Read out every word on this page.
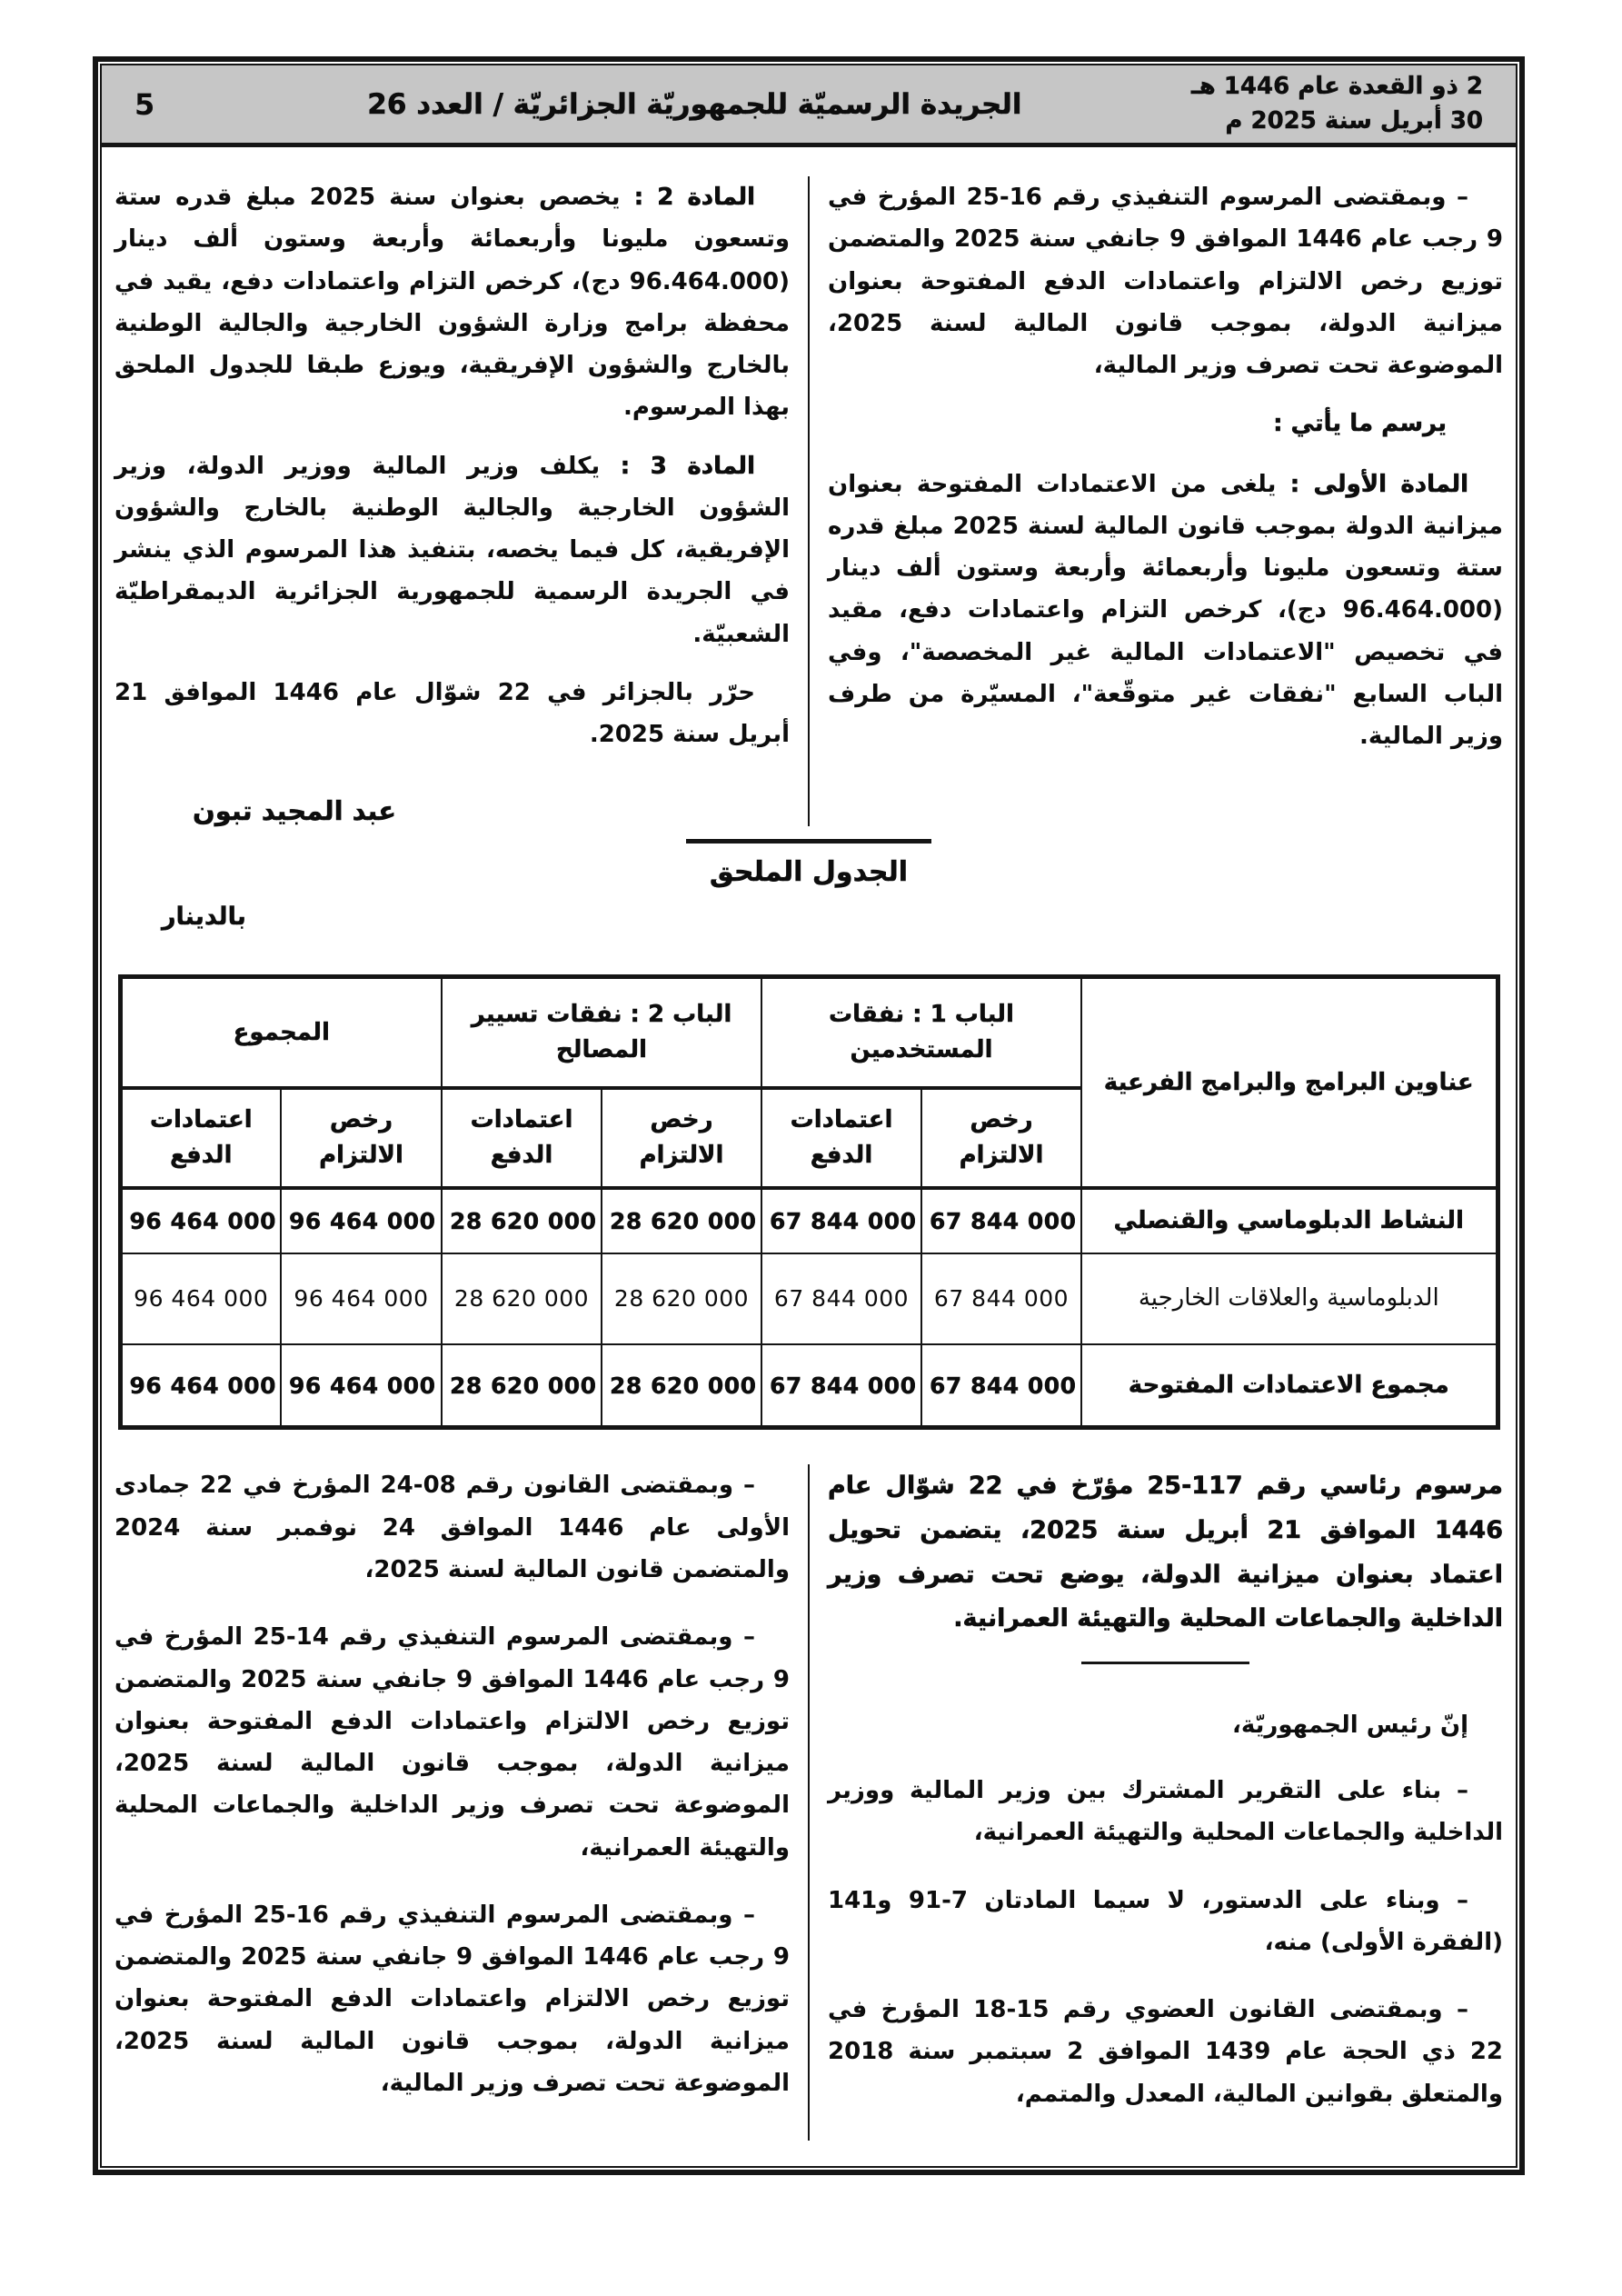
2 ذو القعدة عام 1446 هـ
30 أبريل سنة 2025 م
الجريدة الرسميّة للجمهوريّة الجزائريّة / العدد 26
5

– وبمقتضى المرسوم التنفيذي رقم 16-25 المؤرخ في 9 رجب عام 1446 الموافق 9 جانفي سنة 2025 والمتضمن توزيع رخص الالتزام واعتمادات الدفع المفتوحة بعنوان ميزانية الدولة، بموجب قانون المالية لسنة 2025، الموضوعة تحت تصرف وزير المالية،

يرسم ما يأتي :

المادة الأولى : يلغى من الاعتمادات المفتوحة بعنوان ميزانية الدولة بموجب قانون المالية لسنة 2025 مبلغ قدره ستة وتسعون مليونا وأربعمائة وأربعة وستون ألف دينار (96.464.000 دج)، كرخص التزام واعتمادات دفع، مقيد في تخصيص "الاعتمادات المالية غير المخصصة"، وفي الباب السابع "نفقات غير متوقّعة"، المسيّرة من طرف وزير المالية.

المادة 2 : يخصص بعنوان سنة 2025 مبلغ قدره ستة وتسعون مليونا وأربعمائة وأربعة وستون ألف دينار (96.464.000 دج)، كرخص التزام واعتمادات دفع، يقيد في محفظة برامج وزارة الشؤون الخارجية والجالية الوطنية بالخارج والشؤون الإفريقية، ويوزع طبقا للجدول الملحق بهذا المرسوم.

المادة 3 : يكلف وزير المالية ووزير الدولة، وزير الشؤون الخارجية والجالية الوطنية بالخارج والشؤون الإفريقية، كل فيما يخصه، بتنفيذ هذا المرسوم الذي ينشر في الجريدة الرسمية للجمهورية الجزائرية الديمقراطيّة الشعبيّة.

حرّر بالجزائر في 22 شوّال عام 1446 الموافق 21 أبريل سنة 2025.

عبد المجيد تبون
الجدول الملحق
بالدينار
عناوين البرامج والبرامج الفرعية	الباب 1 : نفقات المستخدمين		الباب 2 : نفقات تسيير المصالح		المجموع	
	رخص الالتزام	اعتمادات الدفع	رخص الالتزام	اعتمادات الدفع	رخص الالتزام	اعتمادات الدفع
النشاط الدبلوماسي والقنصلي	67 844 000	67 844 000	28 620 000	28 620 000	96 464 000	96 464 000
الدبلوماسية والعلاقات الخارجية	67 844 000	67 844 000	28 620 000	28 620 000	96 464 000	96 464 000
مجموع الاعتمادات المفتوحة	67 844 000	67 844 000	28 620 000	28 620 000	96 464 000	96 464 000

مرسوم رئاسي رقم 117-25 مؤرّخ في 22 شوّال عام 1446 الموافق 21 أبريل سنة 2025، يتضمن تحويل اعتماد بعنوان ميزانية الدولة، يوضع تحت تصرف وزير الداخلية والجماعات المحلية والتهيئة العمرانية.

إنّ رئيس الجمهوريّة،

– بناء على التقرير المشترك بين وزير المالية ووزير الداخلية والجماعات المحلية والتهيئة العمرانية،

– وبناء على الدستور، لا سيما المادتان 7-91 و141 (الفقرة الأولى) منه،

– وبمقتضى القانون العضوي رقم 15-18 المؤرخ في 22 ذي الحجة عام 1439 الموافق 2 سبتمبر سنة 2018 والمتعلق بقوانين المالية، المعدل والمتمم،

– وبمقتضى القانون رقم 08-24 المؤرخ في 22 جمادى الأولى عام 1446 الموافق 24 نوفمبر سنة 2024 والمتضمن قانون المالية لسنة 2025،

– وبمقتضى المرسوم التنفيذي رقم 14-25 المؤرخ في 9 رجب عام 1446 الموافق 9 جانفي سنة 2025 والمتضمن توزيع رخص الالتزام واعتمادات الدفع المفتوحة بعنوان ميزانية الدولة، بموجب قانون المالية لسنة 2025، الموضوعة تحت تصرف وزير الداخلية والجماعات المحلية والتهيئة العمرانية،

– وبمقتضى المرسوم التنفيذي رقم 16-25 المؤرخ في 9 رجب عام 1446 الموافق 9 جانفي سنة 2025 والمتضمن توزيع رخص الالتزام واعتمادات الدفع المفتوحة بعنوان ميزانية الدولة، بموجب قانون المالية لسنة 2025، الموضوعة تحت تصرف وزير المالية،
